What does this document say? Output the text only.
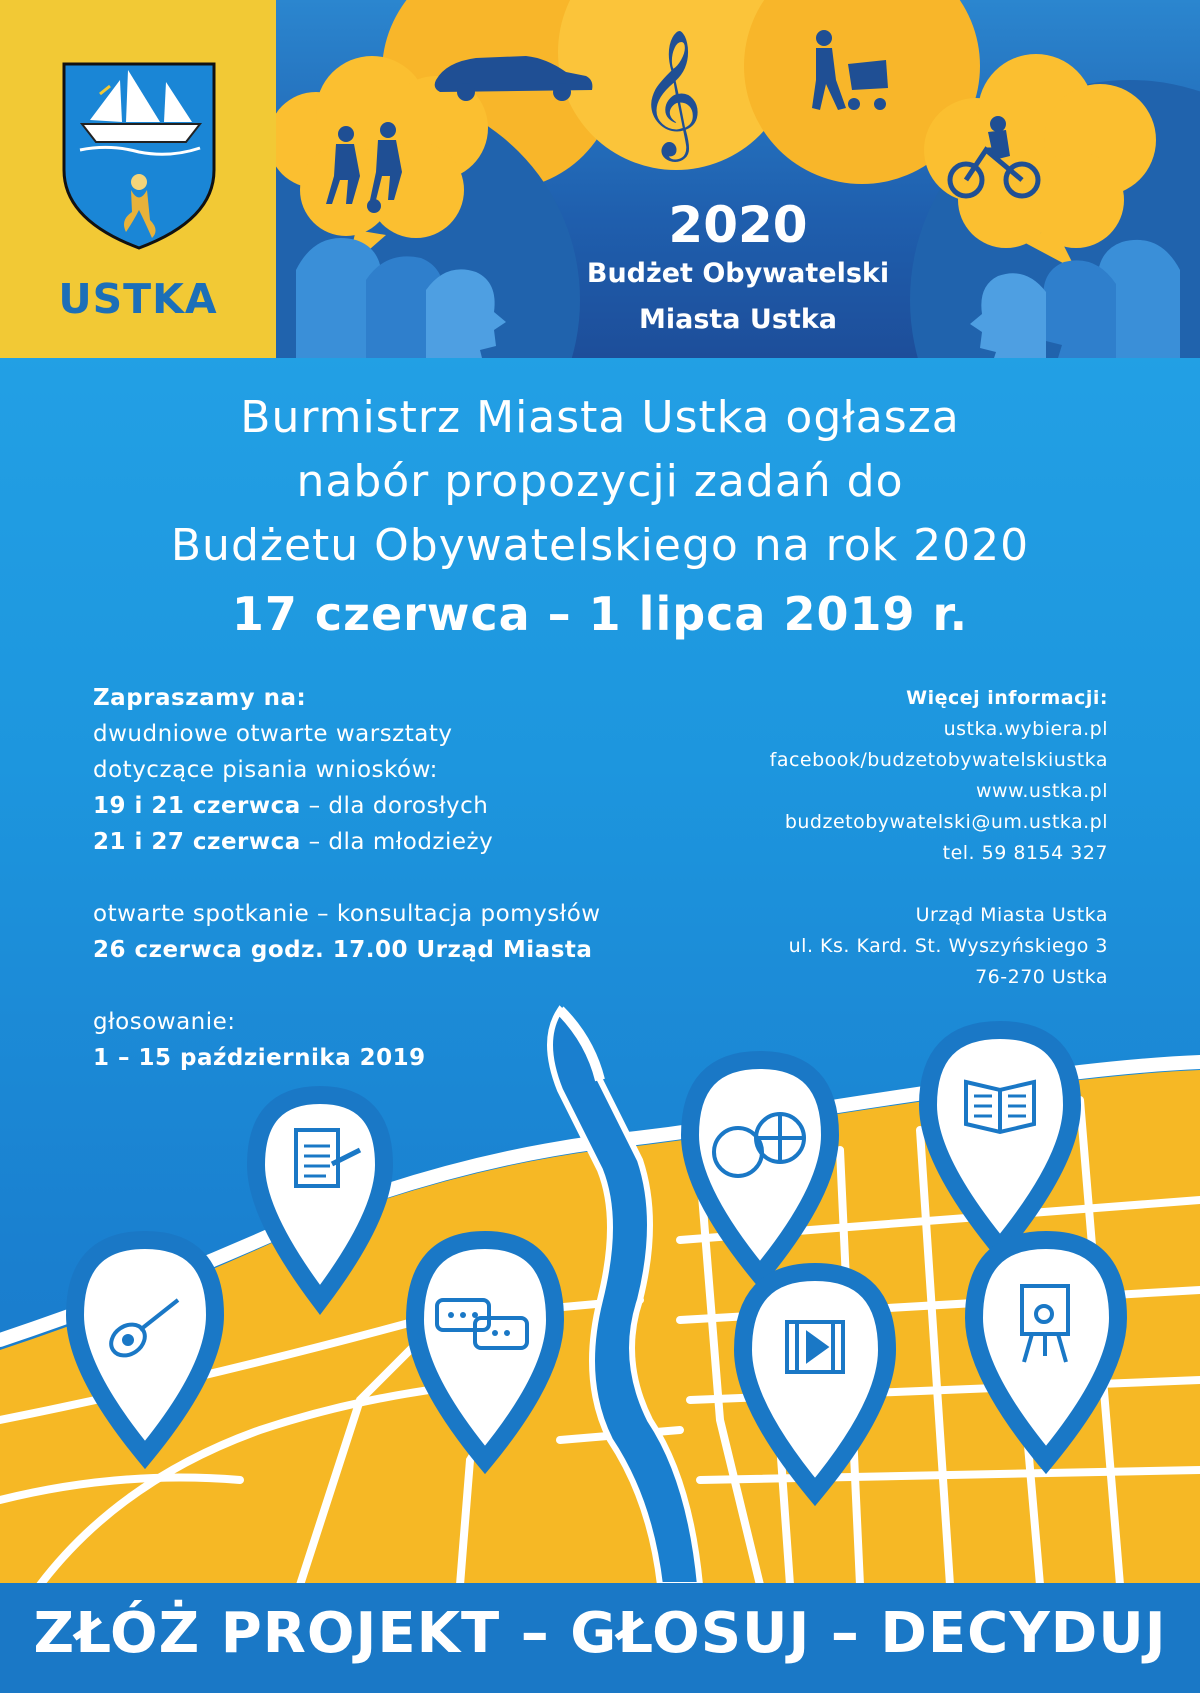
USTKA
𝄞
2020
Budżet Obywatelski
Miasta Ustka
Burmistrz Miasta Ustka ogłasza
nabór propozycji zadań do
Budżetu Obywatelskiego na rok 2020
17 czerwca – 1 lipca 2019 r.
Zapraszamy na:
dwudniowe otwarte warsztaty
dotyczące pisania wniosków:
19 i 21 czerwca – dla dorosłych
21 i 27 czerwca – dla młodzieży
otwarte spotkanie – konsultacja pomysłów
26 czerwca godz. 17.00 Urząd Miasta
głosowanie:
1 – 15 października 2019
Więcej informacji:
ustka.wybiera.pl
facebook/budzetobywatelskiustka
www.ustka.pl
budzetobywatelski@um.ustka.pl
tel. 59 8154 327
Urząd Miasta Ustka
ul. Ks. Kard. St. Wyszyńskiego 3
76-270 Ustka
ZŁÓŻ PROJEKT – GŁOSUJ – DECYDUJ
